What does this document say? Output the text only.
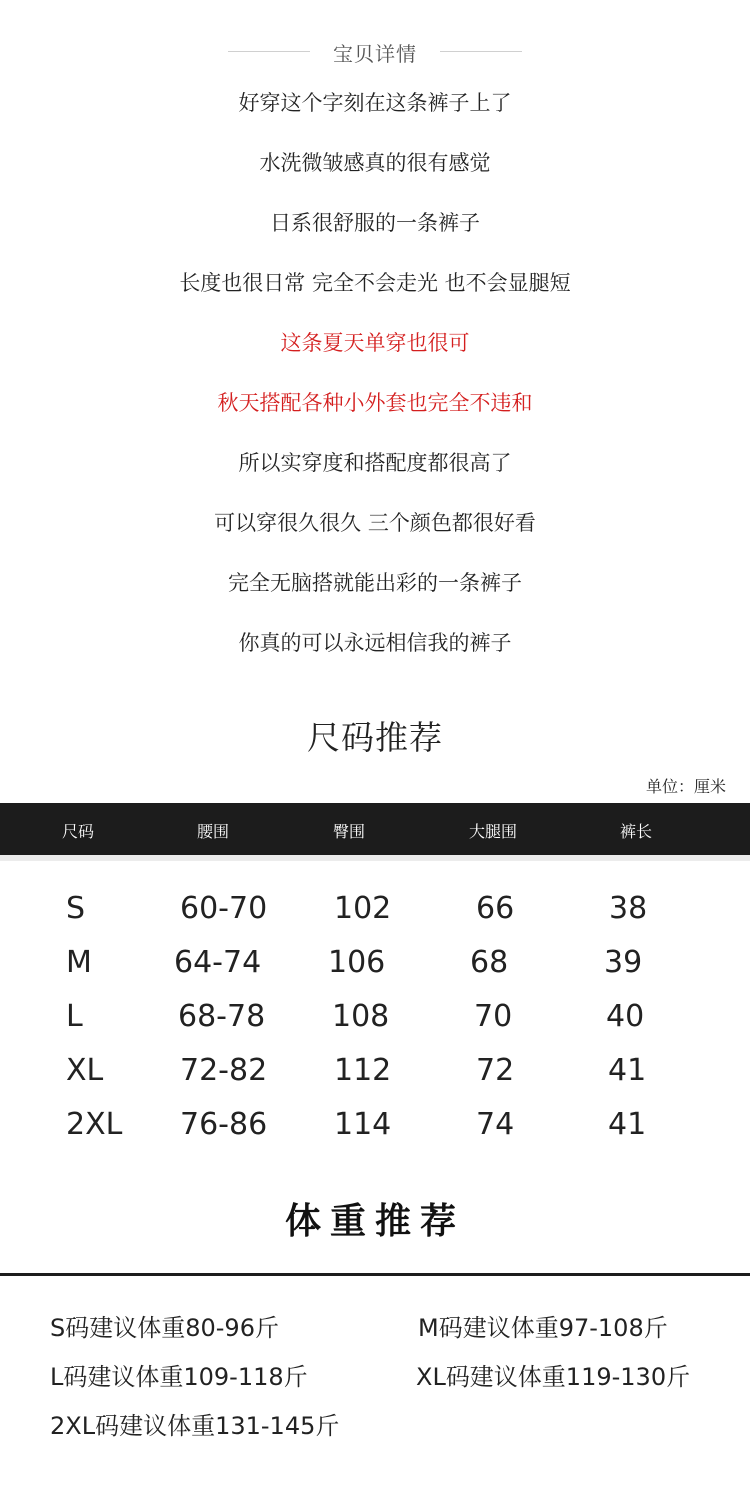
宝贝详情
好穿这个字刻在这条裤子上了
水洗微皱感真的很有感觉
日系很舒服的一条裤子
长度也很日常 完全不会走光 也不会显腿短
这条夏天单穿也很可
秋天搭配各种小外套也完全不违和
所以实穿度和搭配度都很高了
可以穿很久很久 三个颜色都很好看
完全无脑搭就能出彩的一条裤子
你真的可以永远相信我的裤子
尺码推荐
单位：厘米
尺码	腰围	臀围	大腿围	裤长
S	60-70 102	66	38
M	64-74 106	68	39
L	68-78 108	70	40
XL	72-82 112	72	41
2XL 76-86 114	74	41
体重推荐
S码建议体重80-96斤	M码建议体重97-108斤
L码建议体重109-118斤	XL码建议体重119-130斤
2XL码建议体重131-145斤
